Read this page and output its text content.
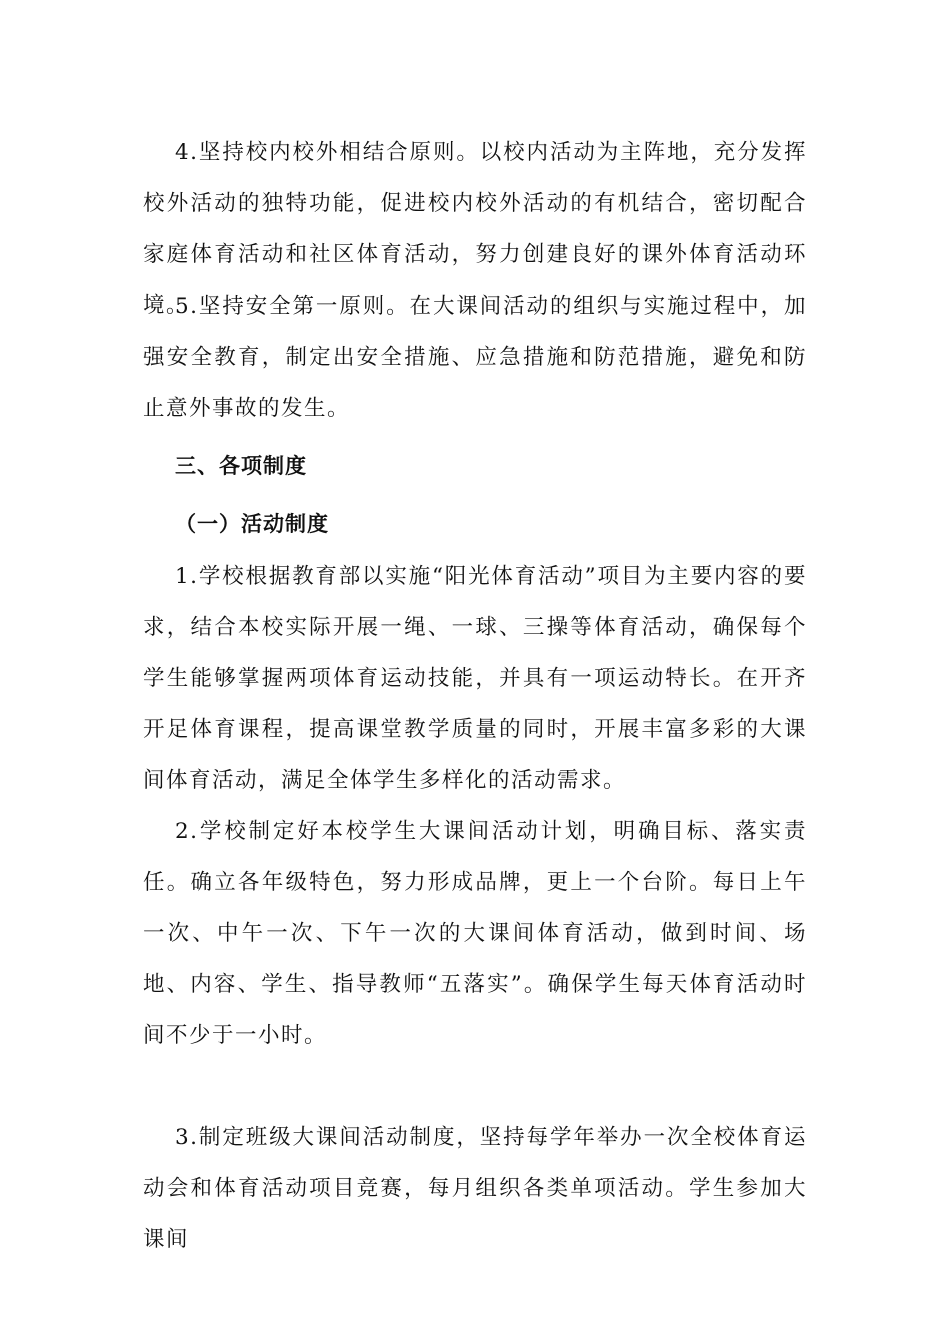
4.坚持校内校外相结合原则。以校内活动为主阵地，充分发挥校外活动的独特功能，促进校内校外活动的有机结合，密切配合家庭体育活动和社区体育活动，努力创建良好的课外体育活动环境。

5.坚持安全第一原则。在大课间活动的组织与实施过程中，加强安全教育，制定出安全措施、应急措施和防范措施，避免和防止意外事故的发生。

三、各项制度
（一）活动制度

1.学校根据教育部以实施“阳光体育活动”项目为主要内容的要求，结合本校实际开展一绳、一球、三操等体育活动，确保每个学生能够掌握两项体育运动技能，并具有一项运动特长。在开齐开足体育课程，提高课堂教学质量的同时，开展丰富多彩的大课间体育活动，满足全体学生多样化的活动需求。

2.学校制定好本校学生大课间活动计划，明确目标、落实责任。确立各年级特色，努力形成品牌，更上一个台阶。每日上午一次、中午一次、下午一次的大课间体育活动，做到时间、场地、内容、学生、指导教师“五落实”。确保学生每天体育活动时间不少于一小时。

3.制定班级大课间活动制度，坚持每学年举办一次全校体育运动会和体育活动项目竞赛，每月组织各类单项活动。学生参加大课间
